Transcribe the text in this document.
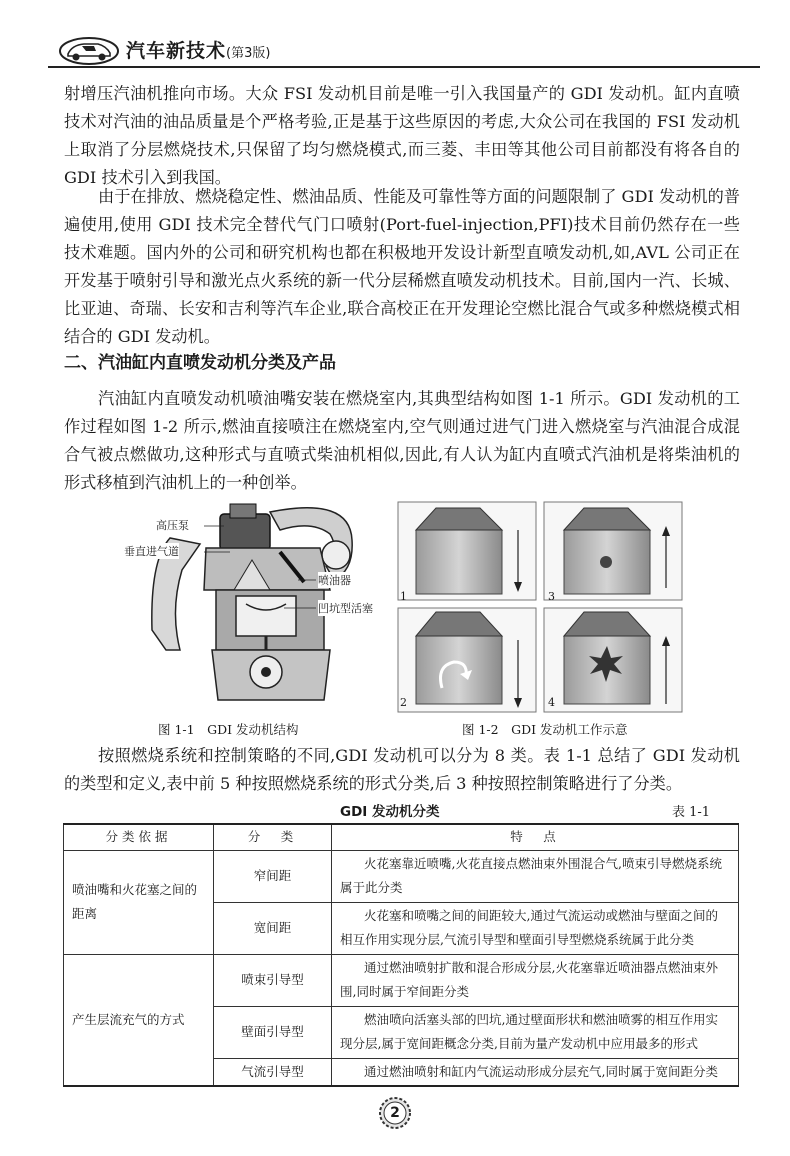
汽车新技术(第3版)

射增压汽油机推向市场。大众 FSI 发动机目前是唯一引入我国量产的 GDI 发动机。缸内直喷技术对汽油的油品质量是个严格考验,正是基于这些原因的考虑,大众公司在我国的 FSI 发动机上取消了分层燃烧技术,只保留了均匀燃烧模式,而三菱、丰田等其他公司目前都没有将各自的 GDI 技术引入到我国。

由于在排放、燃烧稳定性、燃油品质、性能及可靠性等方面的问题限制了 GDI 发动机的普遍使用,使用 GDI 技术完全替代气门口喷射(Port-fuel-injection,PFI)技术目前仍然存在一些技术难题。国内外的公司和研究机构也都在积极地开发设计新型直喷发动机,如,AVL 公司正在开发基于喷射引导和激光点火系统的新一代分层稀燃直喷发动机技术。目前,国内一汽、长城、比亚迪、奇瑞、长安和吉利等汽车企业,联合高校正在开发理论空燃比混合气或多种燃烧模式相结合的 GDI 发动机。

二、汽油缸内直喷发动机分类及产品

汽油缸内直喷发动机喷油嘴安装在燃烧室内,其典型结构如图 1-1 所示。GDI 发动机的工作过程如图 1-2 所示,燃油直接喷注在燃烧室内,空气则通过进气门进入燃烧室与汽油混合成混合气被点燃做功,这种形式与直喷式柴油机相似,因此,有人认为缸内直喷式汽油机是将柴油机的形式移植到汽油机上的一种创举。

高压泵
垂直进气道
喷油器
凹坑型活塞
1	3
2	4
图 1-1　GDI 发动机结构	图 1-2　GDI 发动机工作示意

按照燃烧系统和控制策略的不同,GDI 发动机可以分为 8 类。表 1-1 总结了 GDI 发动机的类型和定义,表中前 5 种按照燃烧系统的形式分类,后 3 种按照控制策略进行了分类。

GDI 发动机分类	表 1-1
分类依据	分　类	特　点
喷油嘴和火花塞之间的距离	窄间距	火花塞靠近喷嘴,火花直接点燃油束外围混合气,喷束引导燃烧系统属于此分类
	宽间距	火花塞和喷嘴之间的间距较大,通过气流运动或燃油与壁面之间的相互作用实现分层,气流引导型和壁面引导型燃烧系统属于此分类
产生层流充气的方式	喷束引导型	通过燃油喷射扩散和混合形成分层,火花塞靠近喷油器点燃油束外围,同时属于窄间距分类
	壁面引导型	燃油喷向活塞头部的凹坑,通过壁面形状和燃油喷雾的相互作用实现分层,属于宽间距概念分类,目前为量产发动机中应用最多的形式
	气流引导型	通过燃油喷射和缸内气流运动形成分层充气,同时属于宽间距分类
2
